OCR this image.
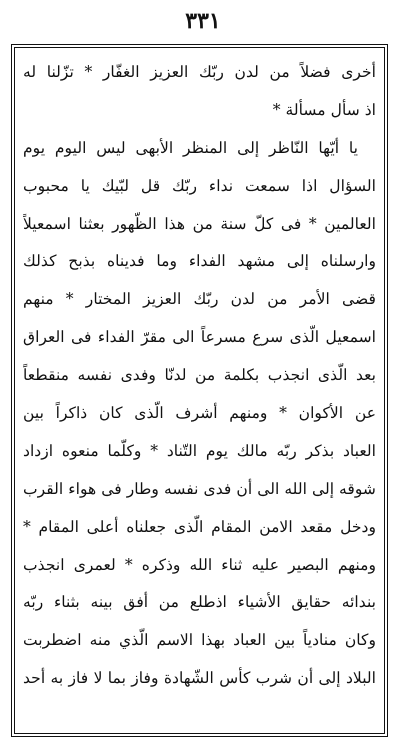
٣٣١
أخرى فضلاً من لدن ربّك العزيز الغفّار * تزّلنا له
اذ سأل مسألة *
يا أيّها النّاظر إلى المنظر الأبهى ليس اليوم يوم
السؤال اذا سمعت نداء ربّك قل لبّيك يا محبوب
العالمين * فى كلّ سنة من هذا الظّهور بعثنا اسمعيلاً
وارسلناه إلى مشهد الفداء وما فديناه بذبح كذلك
قضى الأمر من لدن ربّك العزيز المختار * منهم
اسمعيل الّذى سرع مسرعاً الى مقرّ الفداء فى العراق
بعد الّذى انجذب بكلمة من لدنّا وفدى نفسه منقطعاً
عن الأكوان * ومنهم أشرف الّذى كان ذاكراً بين
العباد بذكر ربّه مالك يوم التّناد * وكلّما منعوه ازداد
شوقه إلى الله الى أن فدى نفسه وطار فى هواء القرب
ودخل مقعد الامن المقام الّذى جعلناه أعلى المقام *
ومنهم البصير عليه ثناء الله وذكره * لعمرى انجذب
بندائه حقايق الأشياء اذطلع من أفق بينه بثناء ربّه
وكان منادياً بين العباد بهذا الاسم الّذي منه اضطربت
البلاد إلى أن شرب كأس الشّهادة وفاز بما لا فاز به أحد
